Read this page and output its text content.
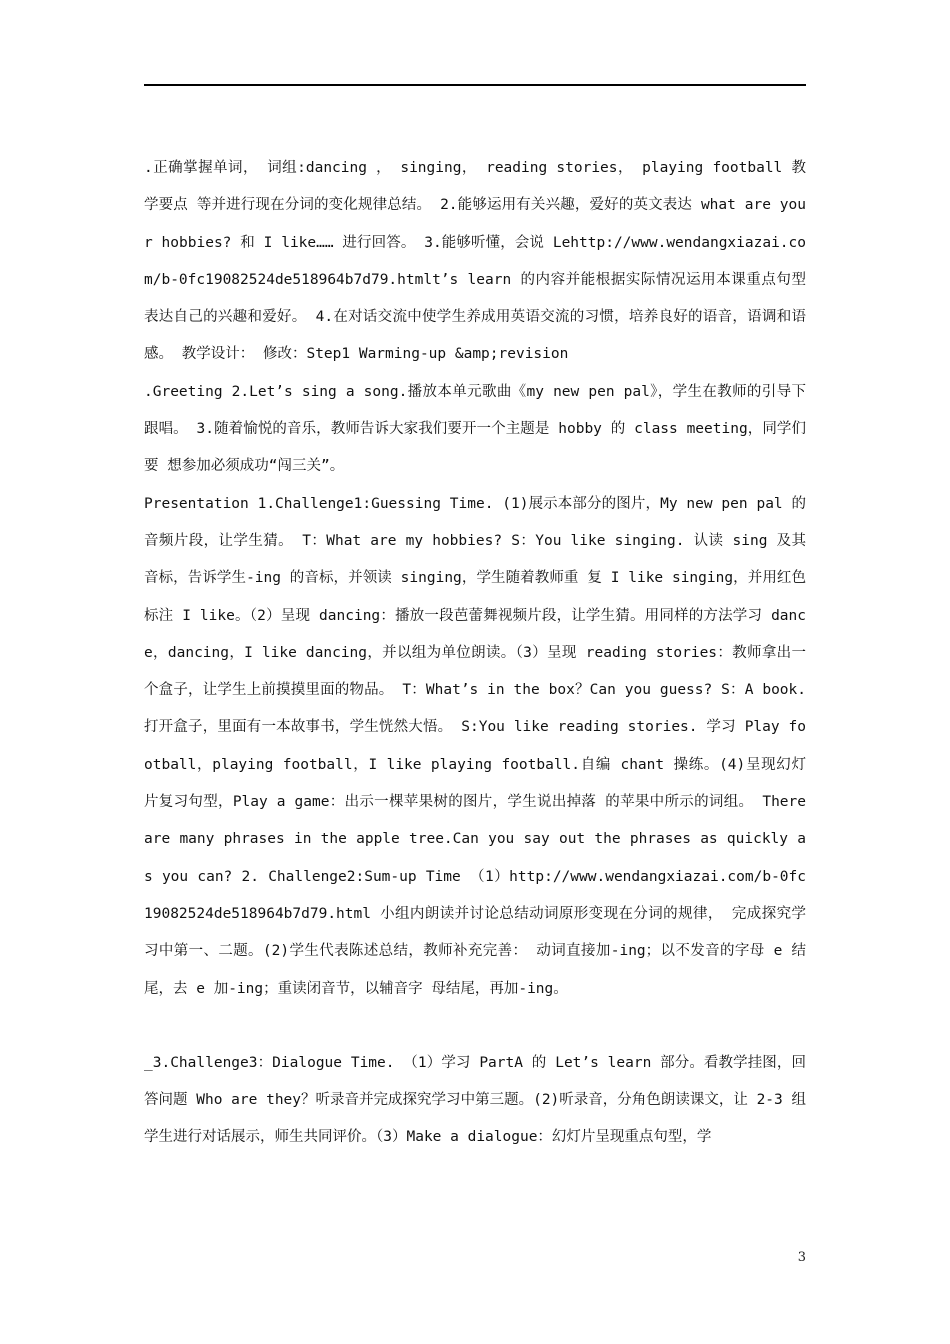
.正确掌握单词， 词组:dancing ， singing， reading stories， playing football 教学要点 等并进行现在分词的变化规律总结。 2.能够运用有关兴趣，爱好的英文表达 what are your hobbies? 和 I like…… 进行回答。 3.能够听懂，会说 Lehttp://www.wendangxiazai.com/b-0fc19082524de518964b7d79.htmlt’s learn 的内容并能根据实际情况运用本课重点句型 表达自己的兴趣和爱好。 4.在对话交流中使学生养成用英语交流的习惯，培养良好的语音，语调和语感。 教学设计： 修改：Step1 Warming-up &amp;revision

.Greeting 2.Let’s sing a song.播放本单元歌曲《my new pen pal》，学生在教师的引导下跟唱。 3.随着愉悦的音乐，教师告诉大家我们要开一个主题是 hobby 的 class meeting，同学们要 想参加必须成功“闯三关”。

Presentation 1.Challenge1:Guessing Time. (1)展示本部分的图片，My new pen pal 的音频片段，让学生猜。 T：What are my hobbies? S：You like singing. 认读 sing 及其音标，告诉学生-ing 的音标，并领读 singing，学生随着教师重 复 I like singing，并用红色标注 I like。（2）呈现 dancing：播放一段芭蕾舞视频片段，让学生猜。用同样的方法学习 dance，dancing，I like dancing，并以组为单位朗读。（3）呈现 reading stories：教师拿出一个盒子，让学生上前摸摸里面的物品。 T：What’s in the box？Can you guess? S：A book. 打开盒子，里面有一本故事书，学生恍然大悟。 S:You like reading stories. 学习 Play football，playing football，I like playing football.自编 chant 操练。(4)呈现幻灯片复习句型，Play a game：出示一棵苹果树的图片，学生说出掉落 的苹果中所示的词组。 There are many phrases in the apple tree.Can you say out the phrases as quickly as you can? 2. Challenge2:Sum-up Time （1）http://www.wendangxiazai.com/b-0fc19082524de518964b7d79.html 小组内朗读并讨论总结动词原形变现在分词的规律， 完成探究学习中第一、二题。(2)学生代表陈述总结，教师补充完善： 动词直接加-ing；以不发音的字母 e 结尾，去 e 加-ing；重读闭音节，以辅音字 母结尾，再加-ing。

_3.Challenge3：Dialogue Time. （1）学习 PartA 的 Let’s learn 部分。看教学挂图，回答问题 Who are they？听录音并完成探究学习中第三题。(2)听录音，分角色朗读课文，让 2-3 组学生进行对话展示，师生共同评价。（3）Make a dialogue：幻灯片呈现重点句型，学

3
